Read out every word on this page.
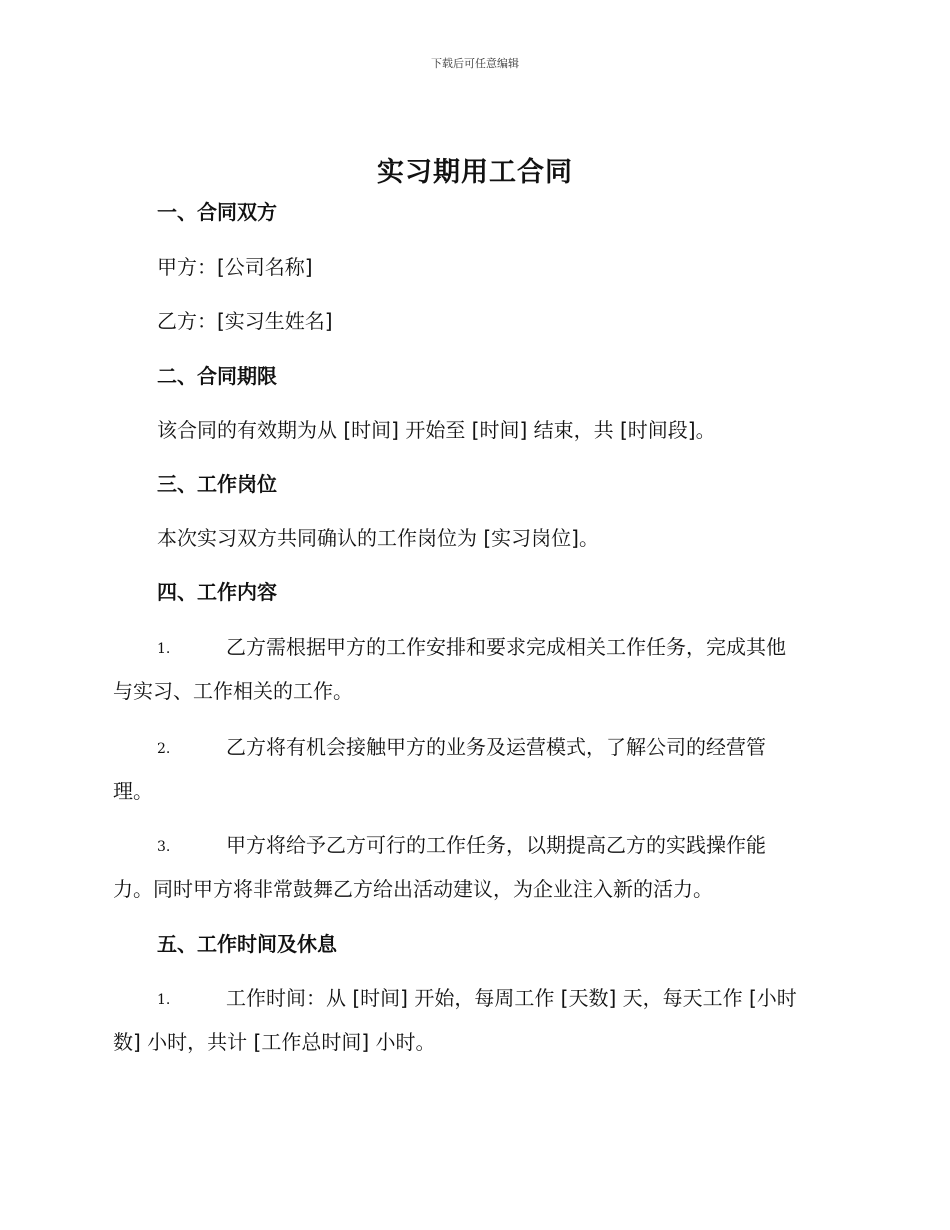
下载后可任意编辑
实习期用工合同
一、合同双方
甲方：[公司名称]
乙方：[实习生姓名]
二、合同期限
该合同的有效期为从 [时间] 开始至 [时间] 结束，共 [时间段]。
三、工作岗位
本次实习双方共同确认的工作岗位为 [实习岗位]。
四、工作内容
1.	乙方需根据甲方的工作安排和要求完成相关工作任务，完成其他
与实习、工作相关的工作。
2.	乙方将有机会接触甲方的业务及运营模式，了解公司的经营管
理。
3.	甲方将给予乙方可行的工作任务，以期提高乙方的实践操作能
力。同时甲方将非常鼓舞乙方给出活动建议，为企业注入新的活力。
五、工作时间及休息
1.	工作时间：从 [时间] 开始，每周工作 [天数] 天，每天工作 [小时
数] 小时，共计 [工作总时间] 小时。
